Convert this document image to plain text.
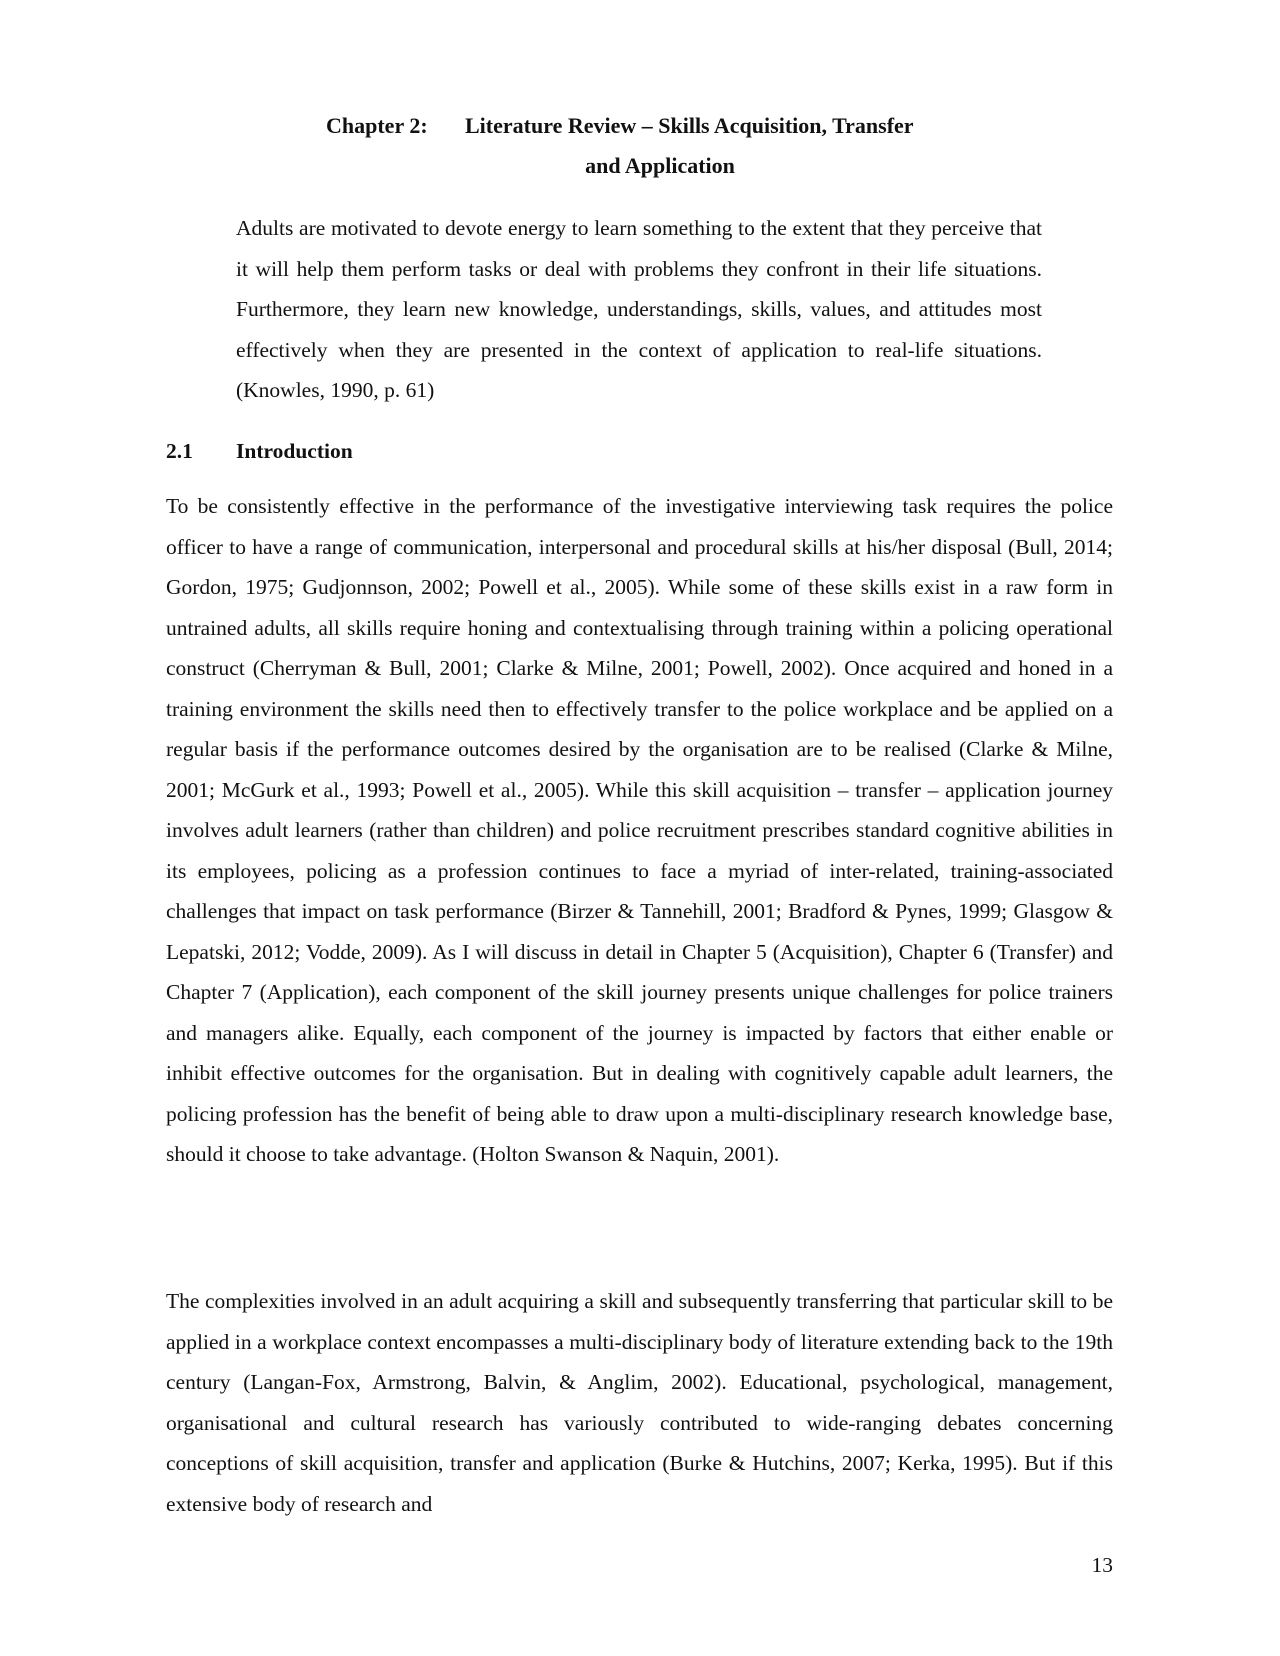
Chapter 2: Literature Review – Skills Acquisition, Transfer
and Application

Adults are motivated to devote energy to learn something to the extent that they perceive that it will help them perform tasks or deal with problems they confront in their life situations. Furthermore, they learn new knowledge, understandings, skills, values, and attitudes most effectively when they are presented in the context of application to real-life situations. (Knowles, 1990, p. 61)

2.1 Introduction

To be consistently effective in the performance of the investigative interviewing task requires the police officer to have a range of communication, interpersonal and procedural skills at his/her disposal (Bull, 2014; Gordon, 1975; Gudjonnson, 2002; Powell et al., 2005). While some of these skills exist in a raw form in untrained adults, all skills require honing and contextualising through training within a policing operational construct (Cherryman & Bull, 2001; Clarke & Milne, 2001; Powell, 2002). Once acquired and honed in a training environment the skills need then to effectively transfer to the police workplace and be applied on a regular basis if the performance outcomes desired by the organisation are to be realised (Clarke & Milne, 2001; McGurk et al., 1993; Powell et al., 2005). While this skill acquisition – transfer – application journey involves adult learners (rather than children) and police recruitment prescribes standard cognitive abilities in its employees, policing as a profession continues to face a myriad of inter-related, training-associated challenges that impact on task performance (Birzer & Tannehill, 2001; Bradford & Pynes, 1999; Glasgow & Lepatski, 2012; Vodde, 2009). As I will discuss in detail in Chapter 5 (Acquisition), Chapter 6 (Transfer) and Chapter 7 (Application), each component of the skill journey presents unique challenges for police trainers and managers alike. Equally, each component of the journey is impacted by factors that either enable or inhibit effective outcomes for the organisation. But in dealing with cognitively capable adult learners, the policing profession has the benefit of being able to draw upon a multi-disciplinary research knowledge base, should it choose to take advantage. (Holton Swanson & Naquin, 2001).

The complexities involved in an adult acquiring a skill and subsequently transferring that particular skill to be applied in a workplace context encompasses a multi-disciplinary body of literature extending back to the 19th century (Langan-Fox, Armstrong, Balvin, & Anglim, 2002). Educational, psychological, management, organisational and cultural research has variously contributed to wide-ranging debates concerning conceptions of skill acquisition, transfer and application (Burke & Hutchins, 2007; Kerka, 1995). But if this extensive body of research and

13
